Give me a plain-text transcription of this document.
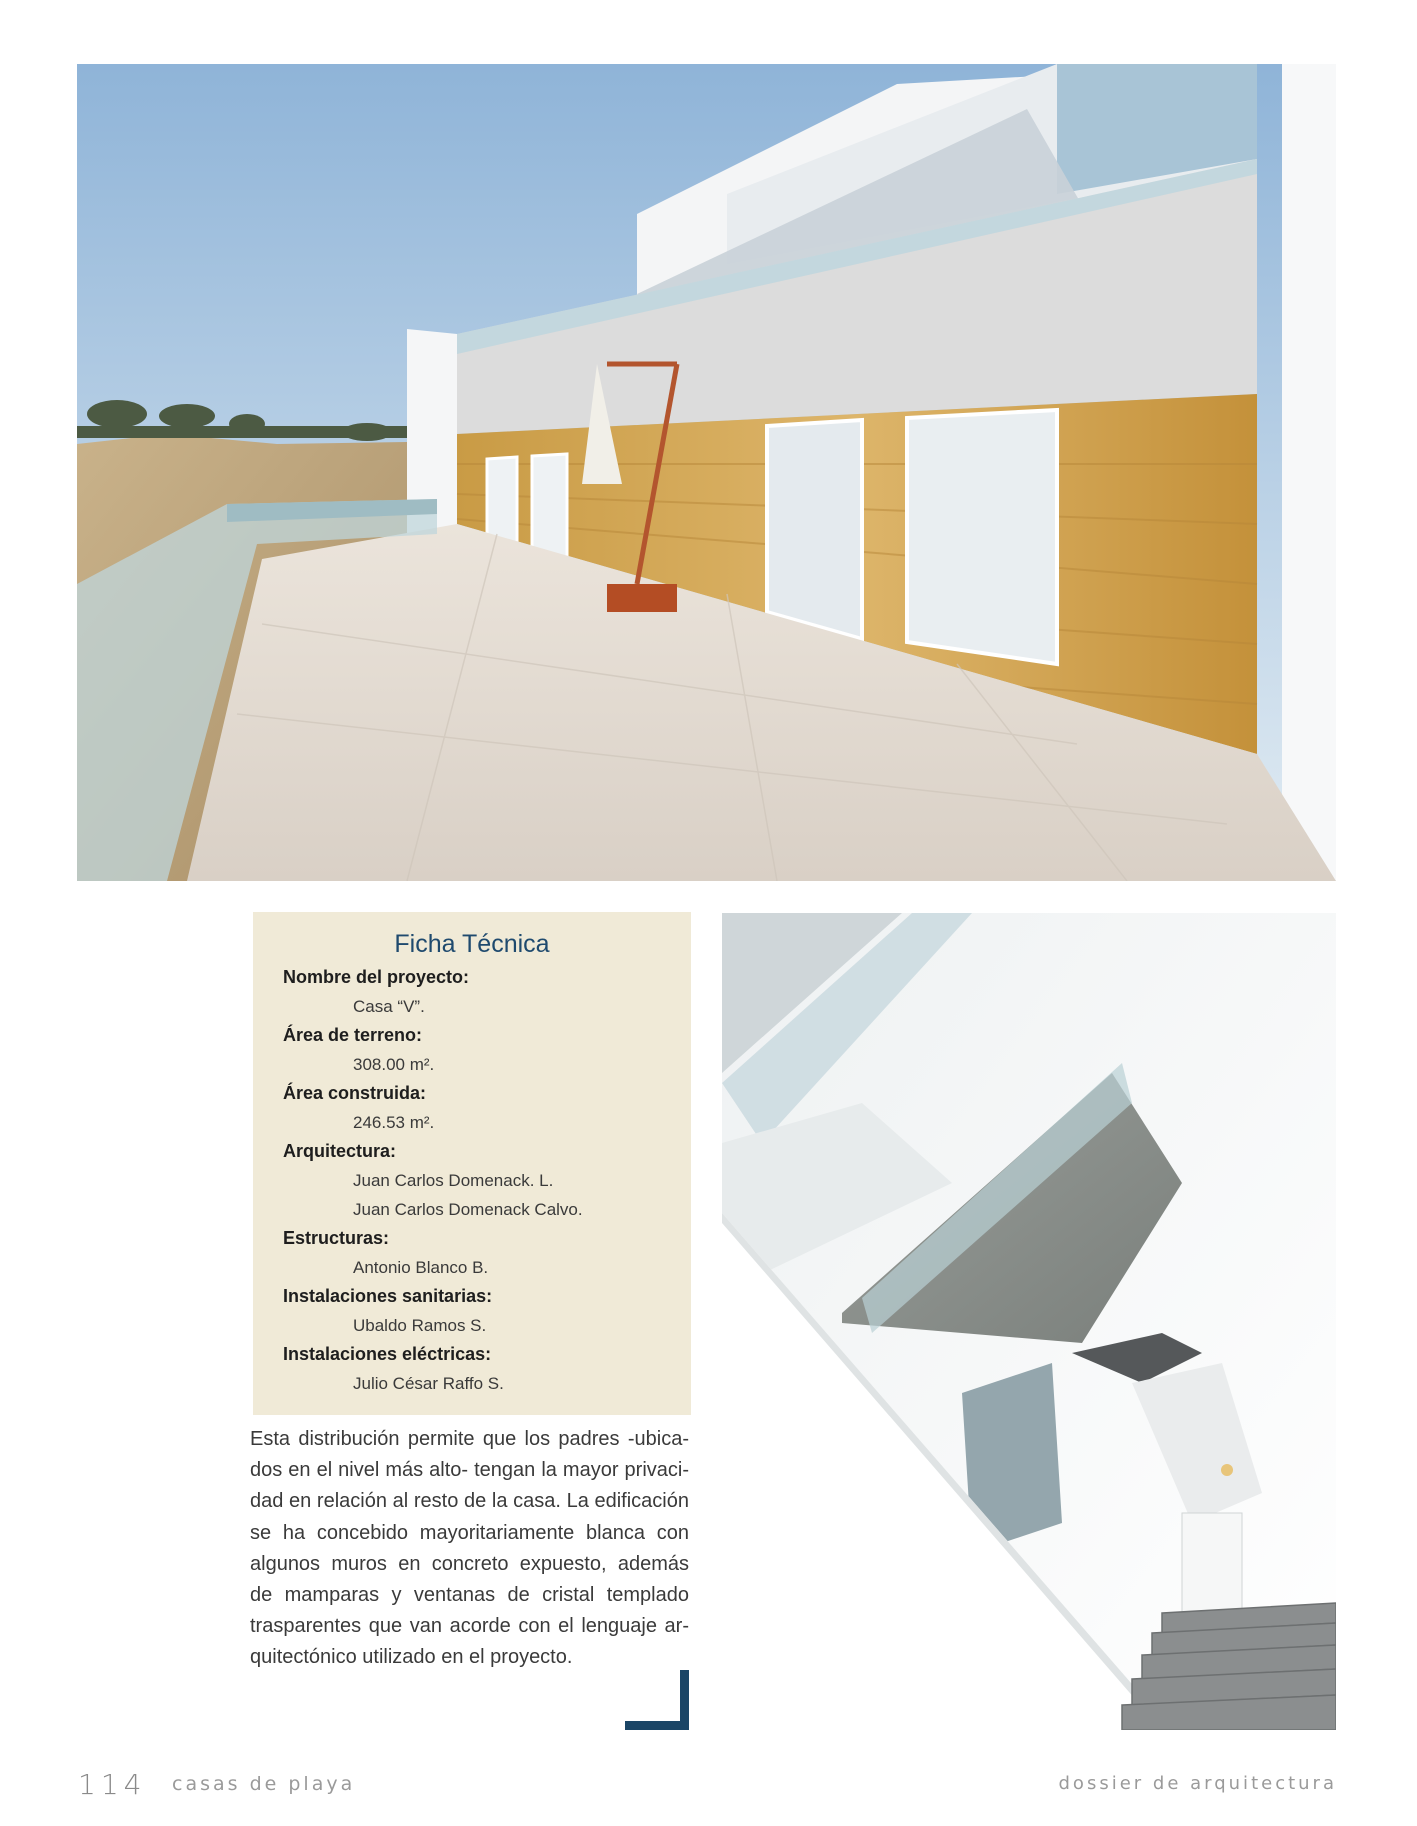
Ficha Técnica
Nombre del proyecto:
Casa “V”.
Área de terreno:
308.00 m².
Área construida:
246.53 m².
Arquitectura:
Juan Carlos Domenack. L.
Juan Carlos Domenack Calvo.
Estructuras:
Antonio Blanco B.
Instalaciones sanitarias:
Ubaldo Ramos S.
Instalaciones eléctricas:
Julio César Raffo S.
Esta distribución permite que los padres -ubica-
dos en el nivel más alto- tengan la mayor privaci-
dad en relación al resto de la casa. La edificación
se ha concebido mayoritariamente blanca con
algunos muros en concreto expuesto, además
de mamparas y ventanas de cristal templado
trasparentes que van acorde con el lenguaje ar-
quitectónico utilizado en el proyecto.
114 casas de playa	dossier de arquitectura
